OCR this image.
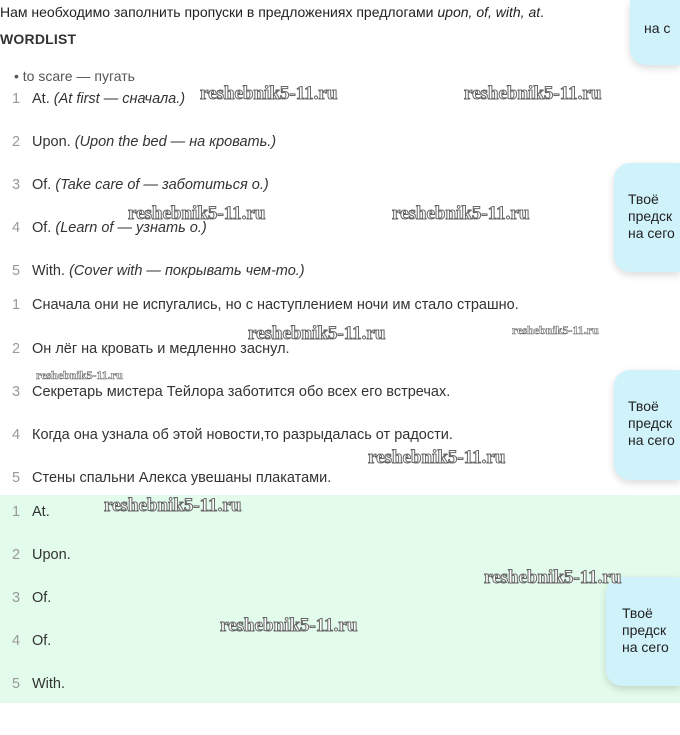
Нам необходимо заполнить пропуски в предложениях предлогами upon, of, with, at.
WORDLIST
• to scare — пугать
1 At. (At first — сначала.)
2 Upon. (Upon the bed — на кровать.)
3 Of. (Take care of — заботиться о.)
4 Of. (Learn of — узнать о.)
5 With. (Cover with — покрывать чем-то.)
1 Сначала они не испугались, но с наступлением ночи им стало страшно.
2 Он лёг на кровать и медленно заснул.
3 Секретарь мистера Тейлора заботится обо всех его встречах.
4 Когда она узнала об этой новости,то разрыдалась от радости.
5 Стены спальни Алекса увешаны плакатами.
1 At.
2 Upon.
3 Of.
4 Of.
5 With.
на с
Твоё
предск
на сего
Твоё
предск
на сего
Твоё
предск
на сего
reshebnik5-11.ru	reshebnik5-11.ru
reshebnik5-11.ru	reshebnik5-11.ru
reshebnik5-11.ru	reshebnik5-11.ru
reshebnik5-11.ru
reshebnik5-11.ru
reshebnik5-11.ru
reshebnik5-11.ru
reshebnik5-11.ru
